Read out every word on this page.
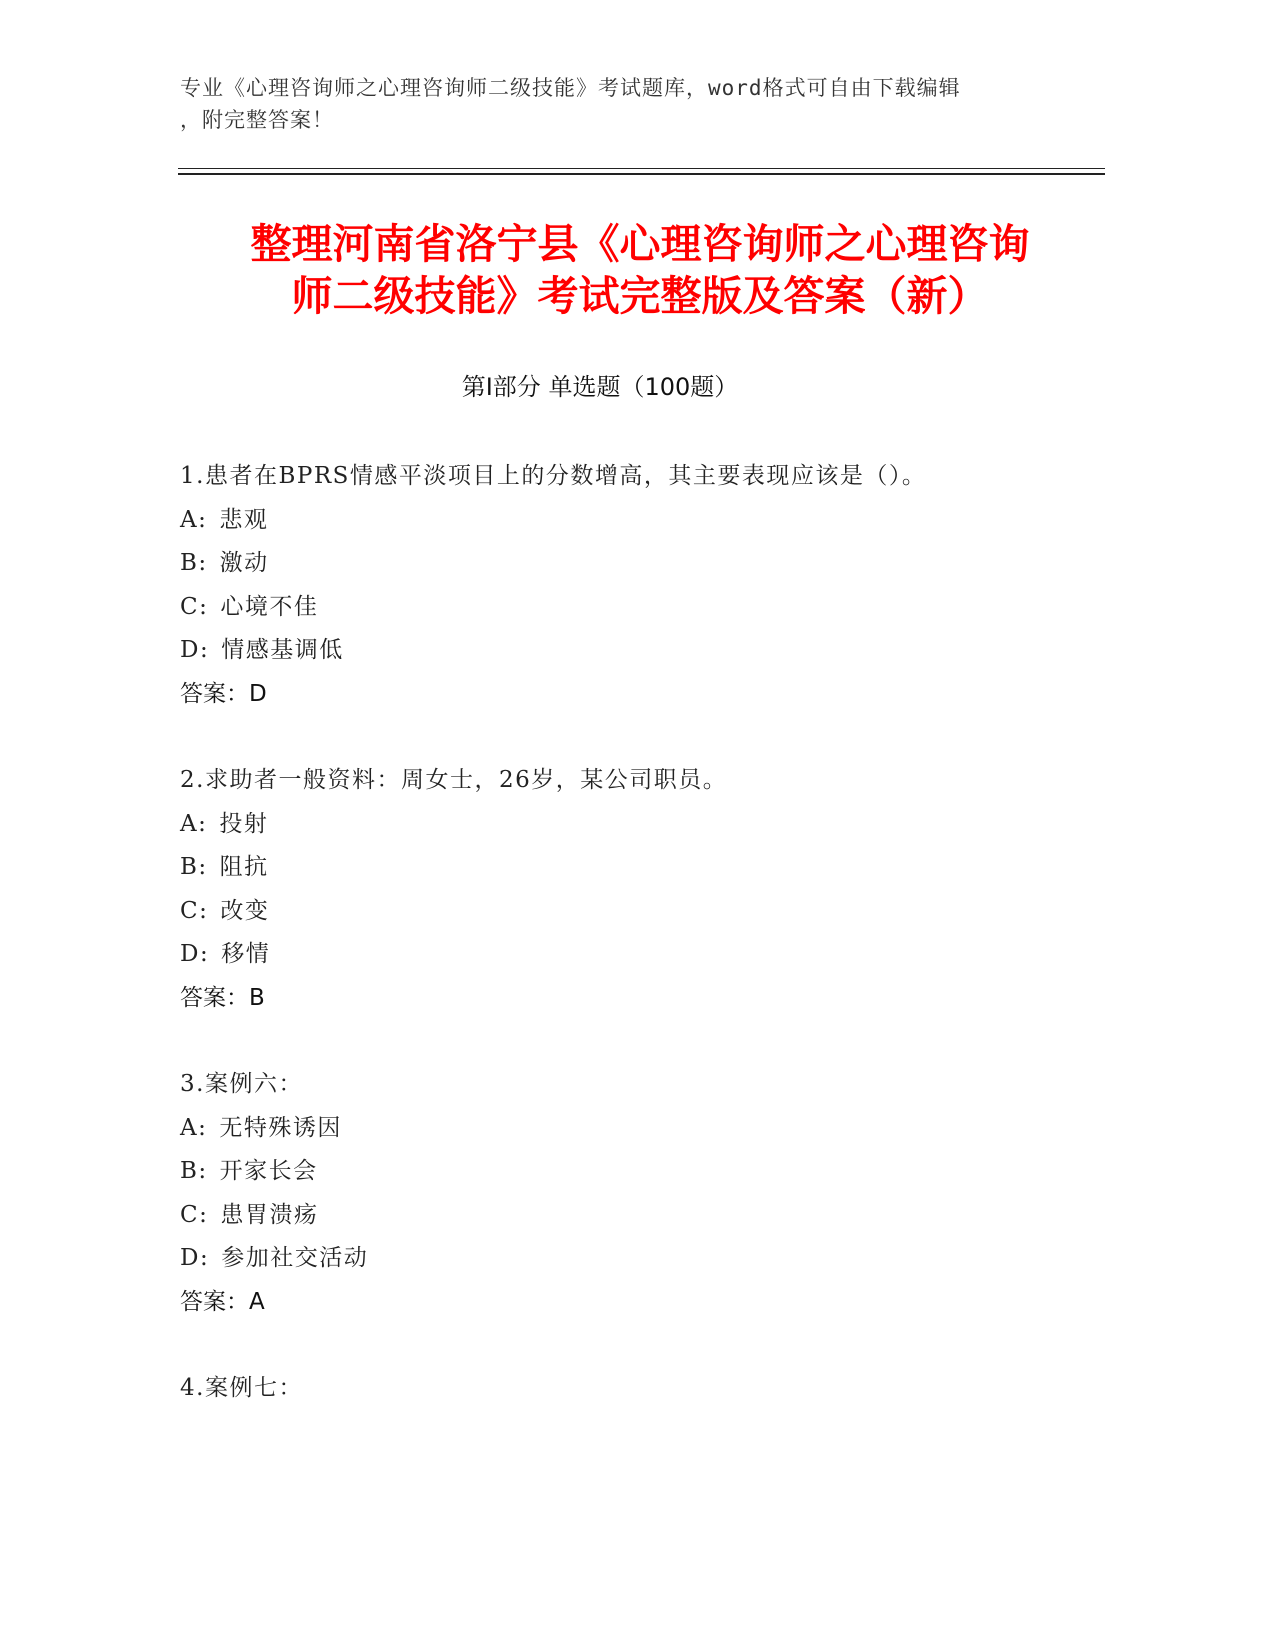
专业《心理咨询师之心理咨询师二级技能》考试题库，word格式可自由下载编辑
，附完整答案！
整理河南省洛宁县《心理咨询师之心理咨询
师二级技能》考试完整版及答案（新）
第Ⅰ部分 单选题（100题）
1.患者在BPRS情感平淡项目上的分数增高，其主要表现应该是（）。
A: 悲观
B: 激动
C: 心境不佳
D: 情感基调低
答案：D
2.求助者一般资料：周女士，26岁，某公司职员。
A: 投射
B: 阻抗
C: 改变
D: 移情
答案：B
3.案例六：
A: 无特殊诱因
B: 开家长会
C: 患胃溃疡
D: 参加社交活动
答案：A
4.案例七：
